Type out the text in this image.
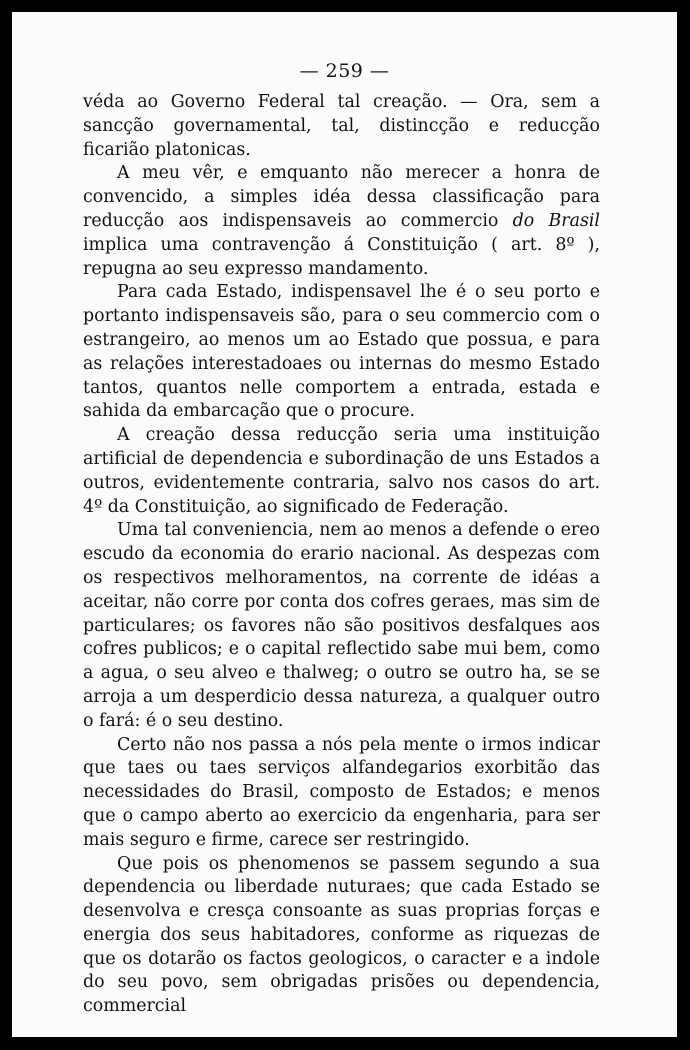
— 259 —

véda ao Governo Federal tal creação. — Ora, sem a sancção governamental, tal, distincção e reducção ficarião platonicas.

A meu vêr, e emquanto não merecer a honra de convencido, a simples idéa dessa classificação para reducção aos indispensaveis ao commercio do Brasil implica uma contravenção á Constituição ( art. 8º ), repugna ao seu expresso mandamento.

Para cada Estado, indispensavel lhe é o seu porto e portanto indispensaveis são, para o seu commercio com o estrangeiro, ao menos um ao Estado que possua, e para as relações interestadoaes ou internas do mesmo Estado tantos, quantos nelle comportem a entrada, estada e sahida da embarcação que o procure.

A creação dessa reducção seria uma instituição artificial de dependencia e subordinação de uns Estados a outros, evidentemente contraria, salvo nos casos do art. 4º da Constituição, ao significado de Federação.

Uma tal conveniencia, nem ao menos a defende o ereo escudo da economia do erario nacional. As despezas com os respectivos melhoramentos, na corrente de idéas a aceitar, não corre por conta dos cofres geraes, mas sim de particulares; os favores não são positivos desfalques aos cofres publicos; e o capital reflectido sabe mui bem, como a agua, o seu alveo e thalweg; o outro se outro ha, se se arroja a um desperdicio dessa natureza, a qualquer outro o fará: é o seu destino.

Certo não nos passa a nós pela mente o irmos indicar que taes ou taes serviços alfandegarios exorbitão das necessidades do Brasil, composto de Estados; e menos que o campo aberto ao exercicio da engenharia, para ser mais seguro e firme, carece ser restringido.

Que pois os phenomenos se passem segundo a sua dependencia ou liberdade nuturaes; que cada Estado se desenvolva e cresça consoante as suas proprias forças e energia dos seus habitadores, conforme as riquezas de que os dotarão os factos geologicos, o caracter e a indole do seu povo, sem obrigadas prisões ou dependencia, commercial
